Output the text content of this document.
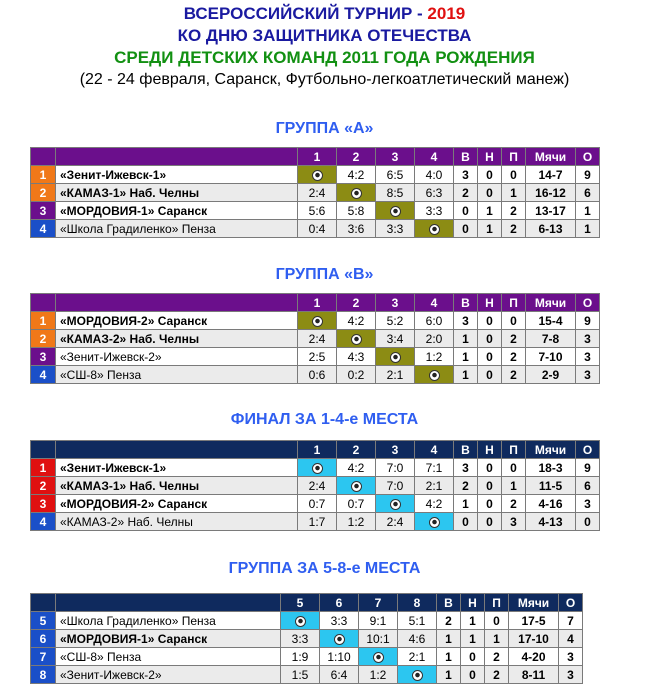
ВСЕРОССИЙСКИЙ ТУРНИР - 2019
КО ДНЮ ЗАЩИТНИКА ОТЕЧЕСТВА
СРЕДИ ДЕТСКИХ КОМАНД 2011 ГОДА РОЖДЕНИЯ
(22 - 24 февраля, Саранск, Футбольно-легкоатлетический манеж)
ГРУППА «А»
		1	2	3	4	В	Н	П	Мячи	О
1	«Зенит-Ижевск-1»		4:2	6:5	4:0	3	0	0	14-7	9
2	«КАМАЗ-1» Наб. Челны	2:4		8:5	6:3	2	0	1	16-12	6
3	«МОРДОВИЯ-1» Саранск	5:6	5:8		3:3	0	1	2	13-17	1
4	«Школа Градиленко» Пенза	0:4	3:6	3:3		0	1	2	6-13	1
ГРУППА «В»
		1	2	3	4	В	Н	П	Мячи	О
1	«МОРДОВИЯ-2» Саранск		4:2	5:2	6:0	3	0	0	15-4	9
2	«КАМАЗ-2» Наб. Челны	2:4		3:4	2:0	1	0	2	7-8	3
3	«Зенит-Ижевск-2»	2:5	4:3		1:2	1	0	2	7-10	3
4	«СШ-8» Пенза	0:6	0:2	2:1		1	0	2	2-9	3
ФИНАЛ ЗА 1-4-е МЕСТА
		1	2	3	4	В	Н	П	Мячи	О
1	«Зенит-Ижевск-1»		4:2	7:0	7:1	3	0	0	18-3	9
2	«КАМАЗ-1» Наб. Челны	2:4		7:0	2:1	2	0	1	11-5	6
3	«МОРДОВИЯ-2» Саранск	0:7	0:7		4:2	1	0	2	4-16	3
4	«КАМАЗ-2» Наб. Челны	1:7	1:2	2:4		0	0	3	4-13	0
ГРУППА ЗА 5-8-е МЕСТА
		5	6	7	8	В	Н	П	Мячи	О
5	«Школа Градиленко» Пенза		3:3	9:1	5:1	2	1	0	17-5	7
6	«МОРДОВИЯ-1» Саранск	3:3		10:1	4:6	1	1	1	17-10	4
7	«СШ-8» Пенза	1:9	1:10		2:1	1	0	2	4-20	3
8	«Зенит-Ижевск-2»	1:5	6:4	1:2		1	0	2	8-11	3
